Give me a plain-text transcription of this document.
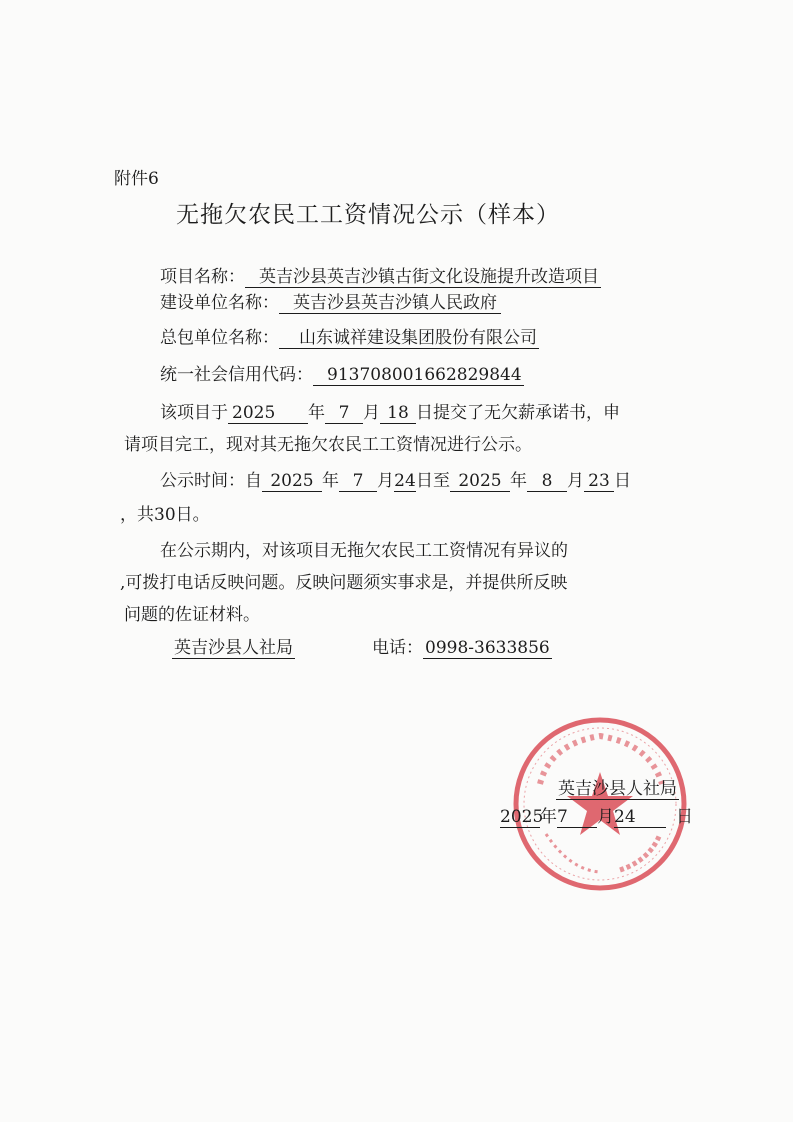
附件6
无拖欠农民工工资情况公示（样本）
项目名称： 英吉沙县英吉沙镇古街文化设施提升改造项目
建设单位名称： 英吉沙县英吉沙镇人民政府
总包单位名称： 山东诚祥建设集团股份有限公司
统一社会信用代码： 913708001662829844
该项目于 2025 年 7 月 18 日提交了无欠薪承诺书，申
请项目完工，现对其无拖欠农民工工资情况进行公示。
公示时间：自 2025 年 7 月24日至 2025 年 8 月 23 日
，共30日。
在公示期内，对该项目无拖欠农民工工资情况有异议的
,可拨打电话反映问题。反映问题须实事求是，并提供所反映
问题的佐证材料。
英吉沙县人社局	电话： 0998-3633856
英吉沙县人社局
2025年7 月24 日
